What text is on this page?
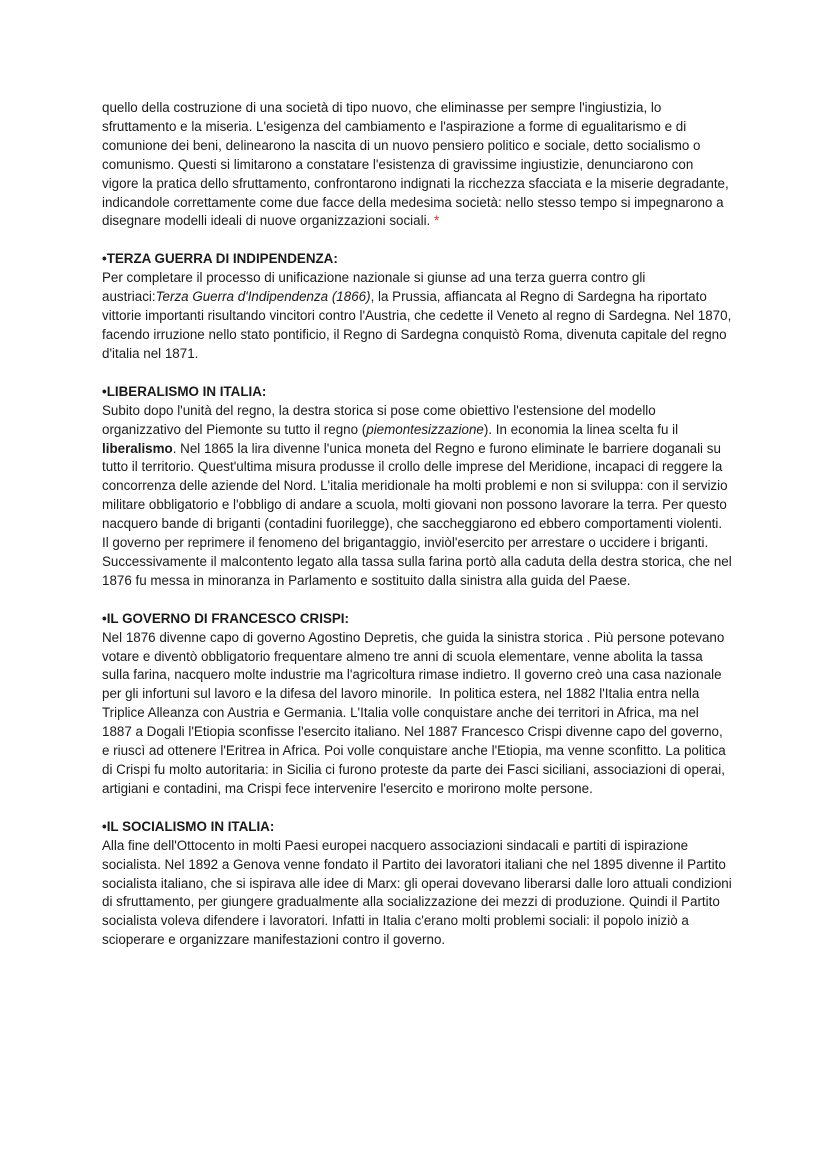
quello della costruzione di una società di tipo nuovo, che eliminasse per sempre l'ingiustizia, lo sfruttamento e la miseria. L'esigenza del cambiamento e l'aspirazione a forme di egualitarismo e di comunione dei beni, delinearono la nascita di un nuovo pensiero politico e sociale, detto socialismo o comunismo. Questi si limitarono a constatare l'esistenza di gravissime ingiustizie, denunciarono con vigore la pratica dello sfruttamento, confrontarono indignati la ricchezza sfacciata e la miserie degradante, indicandole correttamente come due facce della medesima società: nello stesso tempo si impegnarono a disegnare modelli ideali di nuove organizzazioni sociali. *

•TERZA GUERRA DI INDIPENDENZA:

Per completare il processo di unificazione nazionale si giunse ad una terza guerra contro gli austriaci:Terza Guerra d'Indipendenza (1866), la Prussia, affiancata al Regno di Sardegna ha riportato vittorie importanti risultando vincitori contro l'Austria, che cedette il Veneto al regno di Sardegna. Nel 1870, facendo irruzione nello stato pontificio, il Regno di Sardegna conquistò Roma, divenuta capitale del regno d'italia nel 1871.

•LIBERALISMO IN ITALIA:

Subito dopo l'unità del regno, la destra storica si pose come obiettivo l'estensione del modello organizzativo del Piemonte su tutto il regno (piemontesizzazione). In economia la linea scelta fu il liberalismo. Nel 1865 la lira divenne l'unica moneta del Regno e furono eliminate le barriere doganali su tutto il territorio. Quest'ultima misura produsse il crollo delle imprese del Meridione, incapaci di reggere la concorrenza delle aziende del Nord. L'italia meridionale ha molti problemi e non si sviluppa: con il servizio militare obbligatorio e l'obbligo di andare a scuola, molti giovani non possono lavorare la terra. Per questo nacquero bande di briganti (contadini fuorilegge), che saccheggiarono ed ebbero comportamenti violenti. Il governo per reprimere il fenomeno del brigantaggio, inviòl'esercito per arrestare o uccidere i briganti. Successivamente il malcontento legato alla tassa sulla farina portò alla caduta della destra storica, che nel 1876 fu messa in minoranza in Parlamento e sostituito dalla sinistra alla guida del Paese.

•IL GOVERNO DI FRANCESCO CRISPI:

Nel 1876 divenne capo di governo Agostino Depretis, che guida la sinistra storica . Più persone potevano votare e diventò obbligatorio frequentare almeno tre anni di scuola elementare, venne abolita la tassa sulla farina, nacquero molte industrie ma l'agricoltura rimase indietro. Il governo creò una casa nazionale per gli infortuni sul lavoro e la difesa del lavoro minorile.  In politica estera, nel 1882 l'Italia entra nella Triplice Alleanza con Austria e Germania. L'Italia volle conquistare anche dei territori in Africa, ma nel 1887 a Dogali l'Etiopia sconfisse l'esercito italiano. Nel 1887 Francesco Crispi divenne capo del governo, e riuscì ad ottenere l'Eritrea in Africa. Poi volle conquistare anche l'Etiopia, ma venne sconfitto. La politica di Crispi fu molto autoritaria: in Sicilia ci furono proteste da parte dei Fasci siciliani, associazioni di operai, artigiani e contadini, ma Crispi fece intervenire l'esercito e morirono molte persone.

•IL SOCIALISMO IN ITALIA:

Alla fine dell'Ottocento in molti Paesi europei nacquero associazioni sindacali e partiti di ispirazione socialista. Nel 1892 a Genova venne fondato il Partito dei lavoratori italiani che nel 1895 divenne il Partito socialista italiano, che si ispirava alle idee di Marx: gli operai dovevano liberarsi dalle loro attuali condizioni di sfruttamento, per giungere gradualmente alla socializzazione dei mezzi di produzione. Quindi il Partito socialista voleva difendere i lavoratori. Infatti in Italia c'erano molti problemi sociali: il popolo iniziò a scioperare e organizzare manifestazioni contro il governo.
